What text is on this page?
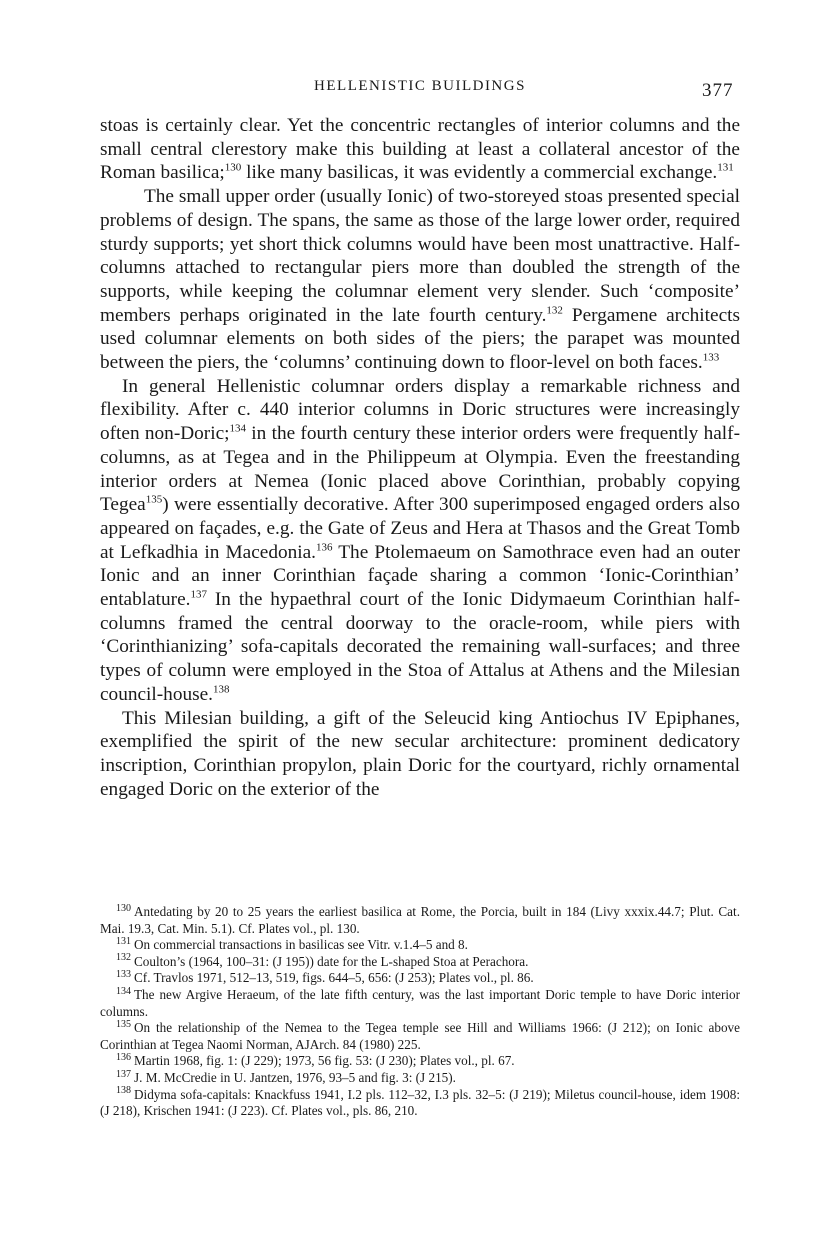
HELLENISTIC BUILDINGS	377

stoas is certainly clear. Yet the concentric rectangles of interior columns and the small central clerestory make this building at least a collateral ancestor of the Roman basilica;$^{130}$ like many basilicas, it was evidently a commercial exchange.$^{131}$

The small upper order (usually Ionic) of two-storeyed stoas presented special problems of design. The spans, the same as those of the large lower order, required sturdy supports; yet short thick columns would have been most unattractive. Half-columns attached to rectangular piers more than doubled the strength of the supports, while keeping the columnar element very slender. Such ‘composite’ members perhaps originated in the late fourth century.$^{132}$ Pergamene architects used columnar elements on both sides of the piers; the parapet was mounted between the piers, the ‘columns’ continuing down to floor-level on both faces.$^{133}$

In general Hellenistic columnar orders display a remarkable richness and flexibility. After c. 440 interior columns in Doric structures were increasingly often non-Doric;$^{134}$ in the fourth century these interior orders were frequently half-columns, as at Tegea and in the Philippeum at Olympia. Even the freestanding interior orders at Nemea (Ionic placed above Corinthian, probably copying Tegea$^{135}$) were essentially decorative. After 300 superimposed engaged orders also appeared on façades, e.g. the Gate of Zeus and Hera at Thasos and the Great Tomb at Lefkadhia in Macedonia.$^{136}$ The Ptolemaeum on Samothrace even had an outer Ionic and an inner Corinthian façade sharing a common ‘Ionic-Corinthian’ entablature.$^{137}$ In the hypaethral court of the Ionic Didymaeum Corinthian half-columns framed the central doorway to the oracle-room, while piers with ‘Corinthianizing’ sofa-capitals decorated the remaining wall-surfaces; and three types of column were employed in the Stoa of Attalus at Athens and the Milesian council-house.$^{138}$

This Milesian building, a gift of the Seleucid king Antiochus IV Epiphanes, exemplified the spirit of the new secular architecture: prominent dedicatory inscription, Corinthian propylon, plain Doric for the courtyard, richly ornamental engaged Doric on the exterior of the

$^{130}$ Antedating by 20 to 25 years the earliest basilica at Rome, the Porcia, built in 184 (Livy xxxix.44.7; Plut. Cat. Mai. 19.3, Cat. Min. 5.1). Cf. Plates vol., pl. 130.

$^{131}$ On commercial transactions in basilicas see Vitr. v.1.4–5 and 8.

$^{132}$ Coulton’s (1964, 100–31: (J 195)) date for the L-shaped Stoa at Perachora.

$^{133}$ Cf. Travlos 1971, 512–13, 519, figs. 644–5, 656: (J 253); Plates vol., pl. 86.

$^{134}$ The new Argive Heraeum, of the late fifth century, was the last important Doric temple to have Doric interior columns.

$^{135}$ On the relationship of the Nemea to the Tegea temple see Hill and Williams 1966: (J 212); on Ionic above Corinthian at Tegea Naomi Norman, AJArch. 84 (1980) 225.

$^{136}$ Martin 1968, fig. 1: (J 229); 1973, 56 fig. 53: (J 230); Plates vol., pl. 67.

$^{137}$ J. M. McCredie in U. Jantzen, 1976, 93–5 and fig. 3: (J 215).

$^{138}$ Didyma sofa-capitals: Knackfuss 1941, I.2 pls. 112–32, I.3 pls. 32–5: (J 219); Miletus council-house, idem 1908: (J 218), Krischen 1941: (J 223). Cf. Plates vol., pls. 86, 210.
